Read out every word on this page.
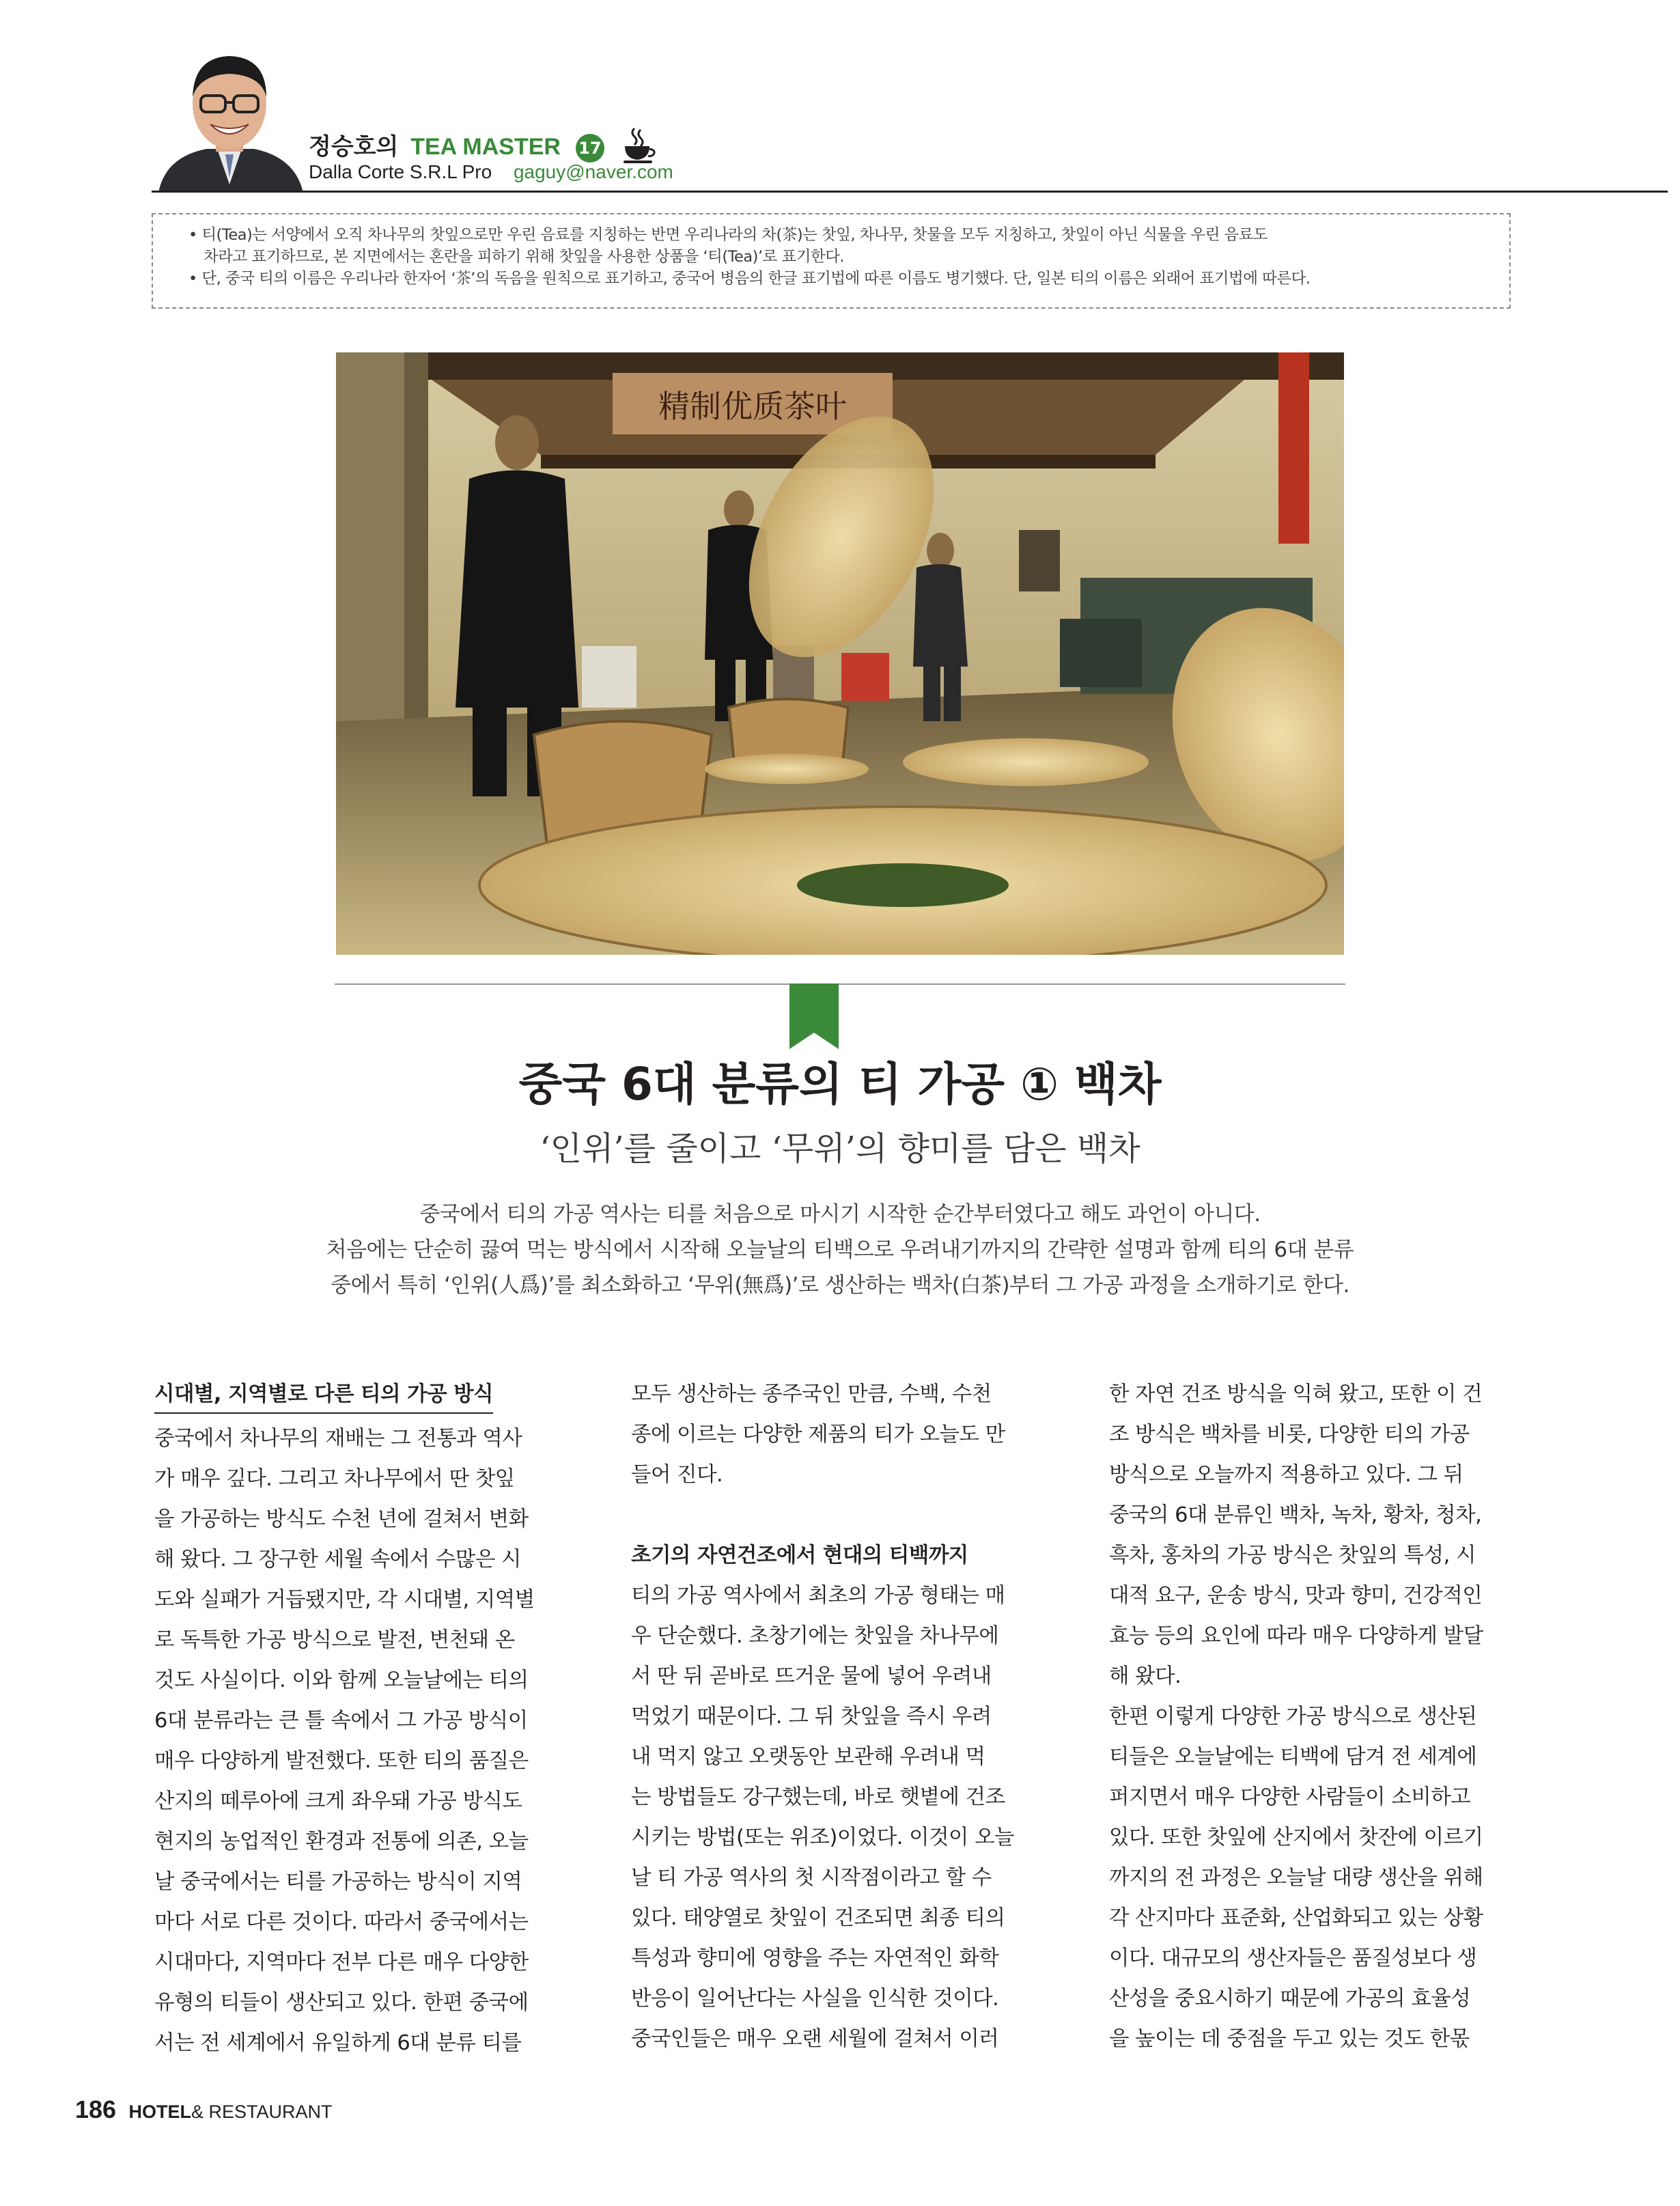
정승호의 TEA MASTER 17
Dalla Corte S.R.L Pro gaguy@naver.com
• 티(Tea)는 서양에서 오직 차나무의 찻잎으로만 우린 음료를 지칭하는 반면 우리나라의 차(茶)는 찻잎, 차나무, 찻물을 모두 지칭하고, 찻잎이 아닌 식물을 우린 음료도
차라고 표기하므로, 본 지면에서는 혼란을 피하기 위해 찻잎을 사용한 상품을 ‘티(Tea)’로 표기한다.
• 단, 중국 티의 이름은 우리나라 한자어 ‘茶’의 독음을 원칙으로 표기하고, 중국어 병음의 한글 표기법에 따른 이름도 병기했다. 단, 일본 티의 이름은 외래어 표기법에 따른다.
精制优质茶叶
중국 6대 분류의 티 가공 ① 백차
‘인위’를 줄이고 ‘무위’의 향미를 담은 백차
중국에서 티의 가공 역사는 티를 처음으로 마시기 시작한 순간부터였다고 해도 과언이 아니다.
처음에는 단순히 끓여 먹는 방식에서 시작해 오늘날의 티백으로 우려내기까지의 간략한 설명과 함께 티의 6대 분류
중에서 특히 ‘인위(人爲)’를 최소화하고 ‘무위(無爲)’로 생산하는 백차(白茶)부터 그 가공 과정을 소개하기로 한다.
시대별, 지역별로 다른 티의 가공 방식
중국에서 차나무의 재배는 그 전통과 역사
가 매우 깊다. 그리고 차나무에서 딴 찻잎
을 가공하는 방식도 수천 년에 걸쳐서 변화
해 왔다. 그 장구한 세월 속에서 수많은 시
도와 실패가 거듭됐지만, 각 시대별, 지역별
로 독특한 가공 방식으로 발전, 변천돼 온
것도 사실이다. 이와 함께 오늘날에는 티의
6대 분류라는 큰 틀 속에서 그 가공 방식이
매우 다양하게 발전했다. 또한 티의 품질은
산지의 떼루아에 크게 좌우돼 가공 방식도
현지의 농업적인 환경과 전통에 의존, 오늘
날 중국에서는 티를 가공하는 방식이 지역
마다 서로 다른 것이다. 따라서 중국에서는
시대마다, 지역마다 전부 다른 매우 다양한
유형의 티들이 생산되고 있다. 한편 중국에
서는 전 세계에서 유일하게 6대 분류 티를
모두 생산하는 종주국인 만큼, 수백, 수천
종에 이르는 다양한 제품의 티가 오늘도 만
들어 진다.
초기의 자연건조에서 현대의 티백까지
티의 가공 역사에서 최초의 가공 형태는 매
우 단순했다. 초창기에는 찻잎을 차나무에
서 딴 뒤 곧바로 뜨거운 물에 넣어 우려내
먹었기 때문이다. 그 뒤 찻잎을 즉시 우려
내 먹지 않고 오랫동안 보관해 우려내 먹
는 방법들도 강구했는데, 바로 햇볕에 건조
시키는 방법(또는 위조)이었다. 이것이 오늘
날 티 가공 역사의 첫 시작점이라고 할 수
있다. 태양열로 찻잎이 건조되면 최종 티의
특성과 향미에 영향을 주는 자연적인 화학
반응이 일어난다는 사실을 인식한 것이다.
중국인들은 매우 오랜 세월에 걸쳐서 이러
한 자연 건조 방식을 익혀 왔고, 또한 이 건
조 방식은 백차를 비롯, 다양한 티의 가공
방식으로 오늘까지 적용하고 있다. 그 뒤
중국의 6대 분류인 백차, 녹차, 황차, 청차,
흑차, 홍차의 가공 방식은 찻잎의 특성, 시
대적 요구, 운송 방식, 맛과 향미, 건강적인
효능 등의 요인에 따라 매우 다양하게 발달
해 왔다.
한편 이렇게 다양한 가공 방식으로 생산된
티들은 오늘날에는 티백에 담겨 전 세계에
퍼지면서 매우 다양한 사람들이 소비하고
있다. 또한 찻잎에 산지에서 찻잔에 이르기
까지의 전 과정은 오늘날 대량 생산을 위해
각 산지마다 표준화, 산업화되고 있는 상황
이다. 대규모의 생산자들은 품질성보다 생
산성을 중요시하기 때문에 가공의 효율성
을 높이는 데 중점을 두고 있는 것도 한몫
186 HOTEL& RESTAURANT
